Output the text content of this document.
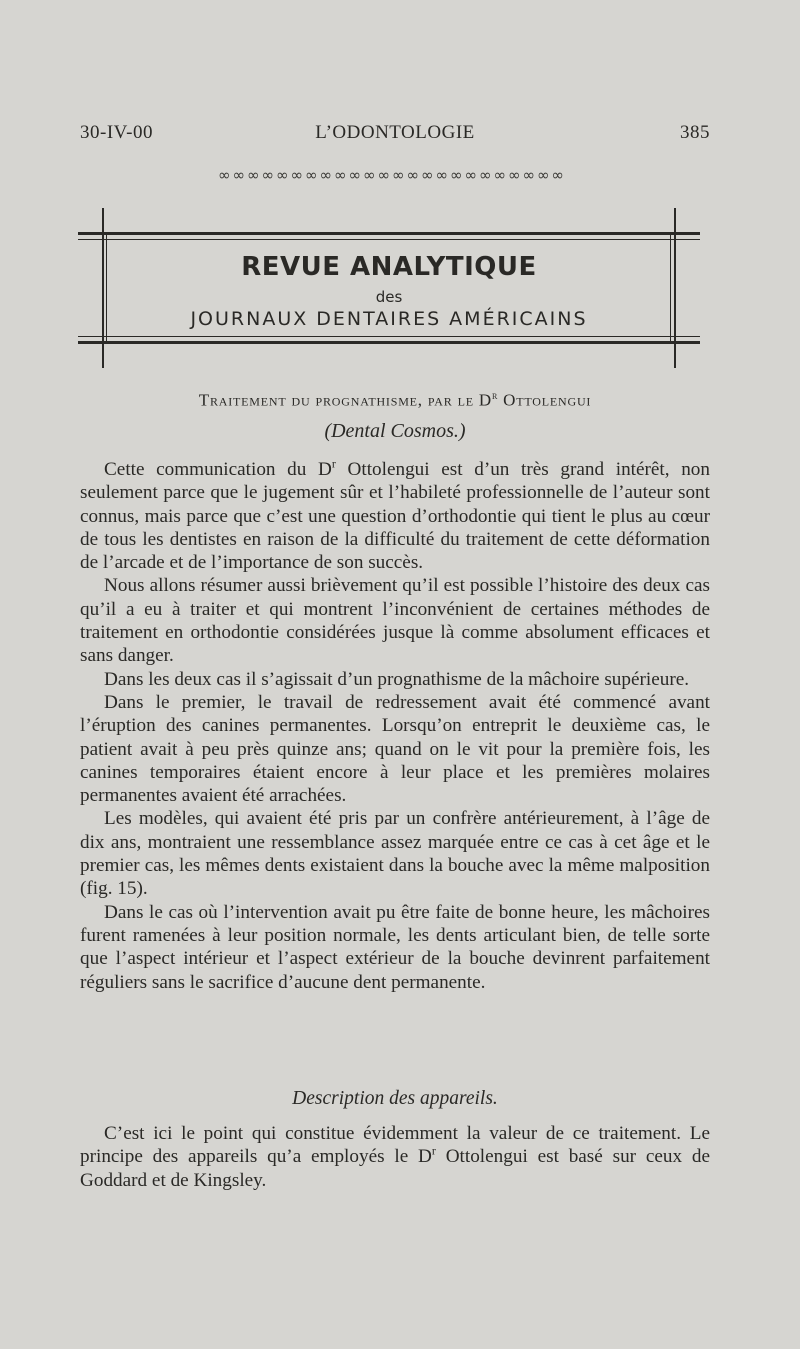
30-IV-00	L’ODONTOLOGIE	385
∞∞∞∞∞∞∞∞∞∞∞∞∞∞∞∞∞∞∞∞∞∞∞∞
REVUE ANALYTIQUE
des
JOURNAUX DENTAIRES AMÉRICAINS
Traitement du prognathisme, par le $D^r$ Ottolengui
(Dental Cosmos.)

Cette communication du $D^r$ Ottolengui est d’un très grand intérêt, non seulement parce que le jugement sûr et l’habileté professionnelle de l’auteur sont connus, mais parce que c’est une question d’orthodontie qui tient le plus au cœur de tous les dentistes en raison de la difficulté du traitement de cette déformation de l’arcade et de l’importance de son succès.

Nous allons résumer aussi brièvement qu’il est possible l’histoire des deux cas qu’il a eu à traiter et qui montrent l’inconvénient de certaines méthodes de traitement en orthodontie considérées jusque là comme absolument efficaces et sans danger.

Dans les deux cas il s’agissait d’un prognathisme de la mâchoire supérieure.

Dans le premier, le travail de redressement avait été commencé avant l’éruption des canines permanentes. Lorsqu’on entreprit le deuxième cas, le patient avait à peu près quinze ans; quand on le vit pour la première fois, les canines temporaires étaient encore à leur place et les premières molaires permanentes avaient été arrachées.

Les modèles, qui avaient été pris par un confrère antérieurement, à l’âge de dix ans, montraient une ressemblance assez marquée entre ce cas à cet âge et le premier cas, les mêmes dents existaient dans la bouche avec la même malposition (fig. 15).

Dans le cas où l’intervention avait pu être faite de bonne heure, les mâchoires furent ramenées à leur position normale, les dents articulant bien, de telle sorte que l’aspect intérieur et l’aspect extérieur de la bouche devinrent parfaitement réguliers sans le sacrifice d’aucune dent permanente.

Description des appareils.

C’est ici le point qui constitue évidemment la valeur de ce traitement. Le principe des appareils qu’a employés le $D^r$ Ottolengui est basé sur ceux de Goddard et de Kingsley.
